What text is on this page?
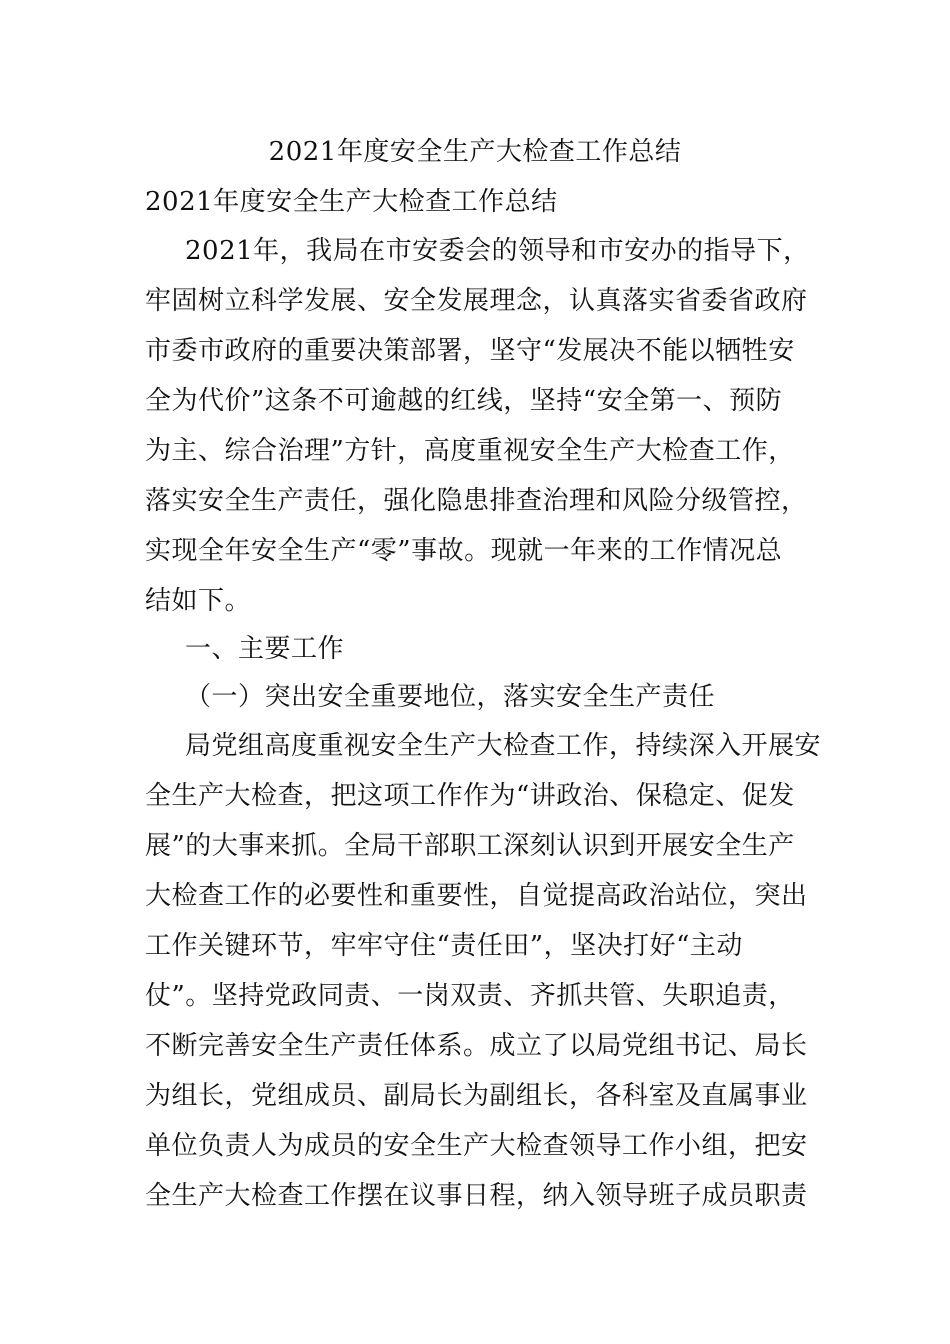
2021年度安全生产大检查工作总结

2021年度安全生产大检查工作总结

2021年，我局在市安委会的领导和市安办的指导下，

牢固树立科学发展、安全发展理念，认真落实省委省政府

市委市政府的重要决策部署，坚守“发展决不能以牺牲安

全为代价”这条不可逾越的红线，坚持“安全第一、预防

为主、综合治理”方针，高度重视安全生产大检查工作，

落实安全生产责任，强化隐患排查治理和风险分级管控，

实现全年安全生产“零”事故。现就一年来的工作情况总

结如下。

一、主要工作

（一）突出安全重要地位，落实安全生产责任

局党组高度重视安全生产大检查工作，持续深入开展安

全生产大检查，把这项工作作为“讲政治、保稳定、促发

展”的大事来抓。全局干部职工深刻认识到开展安全生产

大检查工作的必要性和重要性，自觉提高政治站位，突出

工作关键环节，牢牢守住“责任田”，坚决打好“主动

仗”。坚持党政同责、一岗双责、齐抓共管、失职追责，

不断完善安全生产责任体系。成立了以局党组书记、局长

为组长，党组成员、副局长为副组长，各科室及直属事业

单位负责人为成员的安全生产大检查领导工作小组，把安

全生产大检查工作摆在议事日程，纳入领导班子成员职责
